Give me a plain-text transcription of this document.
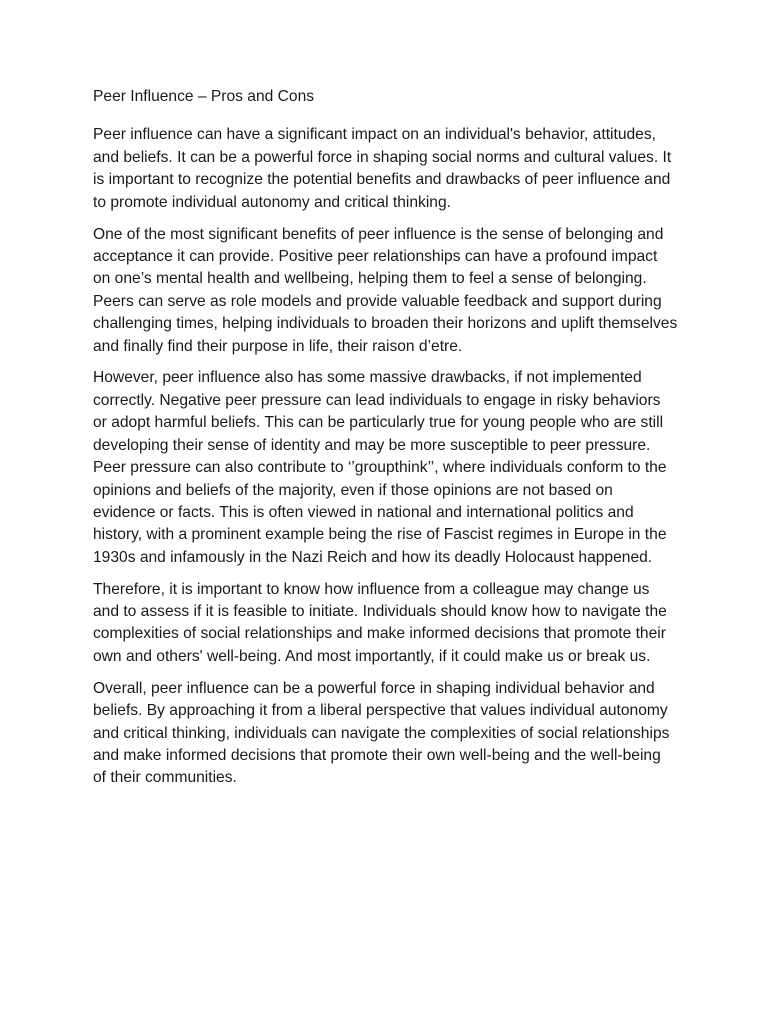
Peer Influence – Pros and Cons

Peer influence can have a significant impact on an individual's behavior, attitudes, and beliefs. It can be a powerful force in shaping social norms and cultural values. It is important to recognize the potential benefits and drawbacks of peer influence and to promote individual autonomy and critical thinking.

One of the most significant benefits of peer influence is the sense of belonging and acceptance it can provide. Positive peer relationships can have a profound impact on one’s mental health and wellbeing, helping them to feel a sense of belonging. Peers can serve as role models and provide valuable feedback and support during challenging times, helping individuals to broaden their horizons and uplift themselves and finally find their purpose in life, their raison d’etre.

However, peer influence also has some massive drawbacks, if not implemented correctly. Negative peer pressure can lead individuals to engage in risky behaviors or adopt harmful beliefs. This can be particularly true for young people who are still developing their sense of identity and may be more susceptible to peer pressure. Peer pressure can also contribute to ‘’groupthink’’, where individuals conform to the opinions and beliefs of the majority, even if those opinions are not based on evidence or facts. This is often viewed in national and international politics and history, with a prominent example being the rise of Fascist regimes in Europe in the 1930s and infamously in the Nazi Reich and how its deadly Holocaust happened.

Therefore, it is important to know how influence from a colleague may change us and to assess if it is feasible to initiate. Individuals should know how to navigate the complexities of social relationships and make informed decisions that promote their own and others' well-being. And most importantly, if it could make us or break us.

Overall, peer influence can be a powerful force in shaping individual behavior and beliefs. By approaching it from a liberal perspective that values individual autonomy and critical thinking, individuals can navigate the complexities of social relationships and make informed decisions that promote their own well-being and the well-being of their communities.
